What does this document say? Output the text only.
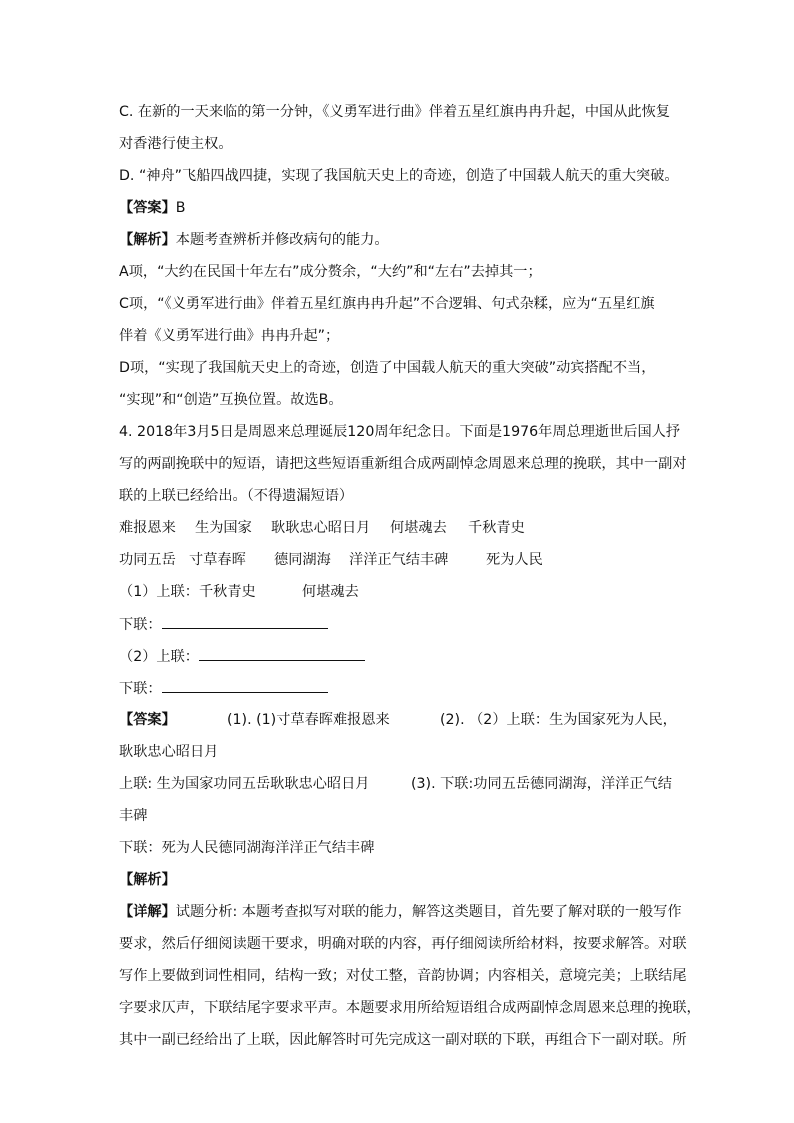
C. 在新的一天来临的第一分钟，《义勇军进行曲》伴着五星红旗冉冉升起，中国从此恢复
对香港行使主权。
D. “神舟”飞船四战四捷，实现了我国航天史上的奇迹，创造了中国载人航天的重大突破。
【答案】B
【解析】本题考查辨析并修改病句的能力。
A项，“大约在民国十年左右”成分赘余，“大约”和“左右”去掉其一；
C项，“《义勇军进行曲》伴着五星红旗冉冉升起”不合逻辑、句式杂糅，应为“五星红旗
伴着《义勇军进行曲》冉冉升起”；
D项，“实现了我国航天史上的奇迹，创造了中国载人航天的重大突破”动宾搭配不当，
“实现”和“创造”互换位置。故选B。
4. 2018年3月5日是周恩来总理诞辰120周年纪念日。下面是1976年周总理逝世后国人抒
写的两副挽联中的短语，请把这些短语重新组合成两副悼念周恩来总理的挽联，其中一副对
联的上联已经给出。（不得遗漏短语）
难报恩来 生为国家 耿耿忠心昭日月 何堪魂去 千秋青史
功同五岳 寸草春晖 德同湖海 洋洋正气结丰碑	死为人民
（1）上联：千秋青史	何堪魂去
下联：
（2）上联：
下联：
【答案】	(1). (1)寸草春晖难报恩来	(2). （2）上联：生为国家死为人民，
耿耿忠心昭日月
上联: 生为国家功同五岳耿耿忠心昭日月	(3). 下联:功同五岳德同湖海，洋洋正气结
丰碑
下联：死为人民德同湖海洋洋正气结丰碑
【解析】
【详解】试题分析: 本题考查拟写对联的能力，解答这类题目，首先要了解对联的一般写作
要求，然后仔细阅读题干要求，明确对联的内容，再仔细阅读所给材料，按要求解答。对联
写作上要做到词性相同，结构一致；对仗工整，音韵协调；内容相关，意境完美；上联结尾
字要求仄声，下联结尾字要求平声。本题要求用所给短语组合成两副悼念周恩来总理的挽联，
其中一副已经给出了上联，因此解答时可先完成这一副对联的下联，再组合下一副对联。所
